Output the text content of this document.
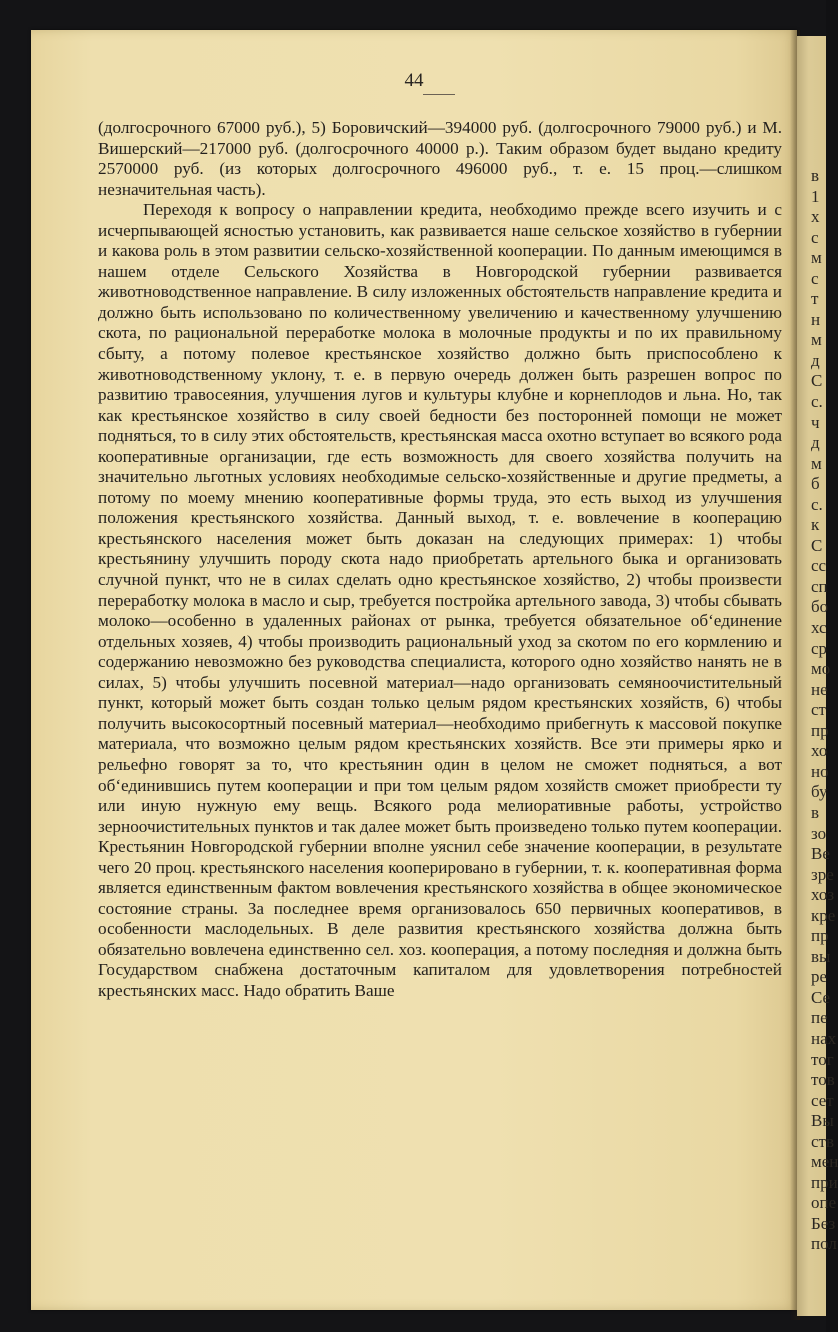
44

(долгосрочного 67000 руб.), 5) Боровичский—394000 руб. (долгосрочного 79000 руб.) и М. Вишерский—217000 руб. (долгосрочного 40000 р.). Таким образом будет выдано кредиту 2570000 руб. (из которых долгосрочного 496000 руб., т. е. 15 проц.—слишком незначительная часть).

Переходя к вопросу о направлении кредита, необходимо прежде всего изучить и с исчерпывающей ясностью установить, как развивается наше сельское хозяйство в губернии и какова роль в этом развитии сельско-хозяйственной кооперации. По данным имеющимся в нашем отделе Сельского Хозяйства в Новгородской губернии развивается животноводственное направление. В силу изложенных обстоятельств направление кредита и должно быть использовано по количественному увеличению и качественному улучшению скота, по рациональной переработке молока в молочные продукты и по их правильному сбыту, а потому полевое крестьянское хозяйство должно быть приспособлено к животноводственному уклону, т. е. в первую очередь должен быть разрешен вопрос по развитию травосеяния, улучшения лугов и культуры клубне и корнеплодов и льна. Но, так как крестьянское хозяйство в силу своей бедности без посторонней помощи не может подняться, то в силу этих обстоятельств, крестьянская масса охотно вступает во всякого рода кооперативные организации, где есть возможность для своего хозяйства получить на значительно льготных условиях необходимые сельско-хозяйственные и другие предметы, а потому по моему мнению кооперативные формы труда, это есть выход из улучшения положения крестьянского хозяйства. Данный выход, т. е. вовлечение в кооперацию крестьянского населения может быть доказан на следующих примерах: 1) чтобы крестьянину улучшить породу скота надо приобретать артельного быка и организовать случной пункт, что не в силах сделать одно крестьянское хозяйство, 2) чтобы произвести переработку молока в масло и сыр, требуется постройка артельного завода, 3) чтобы сбывать молоко—особенно в удаленных районах от рынка, требуется обязательное об‘единение отдельных хозяев, 4) чтобы производить рациональный уход за скотом по его кормлению и содержанию невозможно без руководства специалиста, которого одно хозяйство нанять не в силах, 5) чтобы улучшить посевной материал—надо организовать семяноочистительный пункт, который может быть создан только целым рядом крестьянских хозяйств, 6) чтобы получить высокосортный посевный материал—необходимо прибегнуть к массовой покупке материала, что возможно целым рядом крестьянских хозяйств. Все эти примеры ярко и рельефно говорят за то, что крестьянин один в целом не сможет подняться, а вот об‘единившись путем кооперации и при том целым рядом хозяйств сможет приобрести ту или иную нужную ему вещь. Всякого рода мелиоративные работы, устройство зерноочистительных пунктов и так далее может быть произведено только путем кооперации. Крестьянин Новгородской губернии вполне уяснил себе значение кооперации, в результате чего 20 проц. крестьянского населения кооперировано в губернии, т. к. кооперативная форма является единственным фактом вовлечения крестьянского хозяйства в общее экономическое состояние страны. За последнее время организовалось 650 первичных кооперативов, в особенности маслодельных. В деле развития крестьянского хозяйства должна быть обязательно вовлечена единственно сел. хоз. кооперация, а потому последняя и должна быть Государством снабжена достаточным капиталом для удовлетворения потребностей крестьянских масс. Надо обратить Ваше

в
1
х
с
м
с
т
н
м
д
С
с.
ч
д
м
б
с.
к
С
сс
сп
бо
хс
ср
мо
не
ст
пр
хо
но
бу
в
зо
Ве
зре
хоз
кре
пр
вы
ре
Се
пе
нах
тог
тов
сет
Вы
ств
мен
при
опе
Без
пол
